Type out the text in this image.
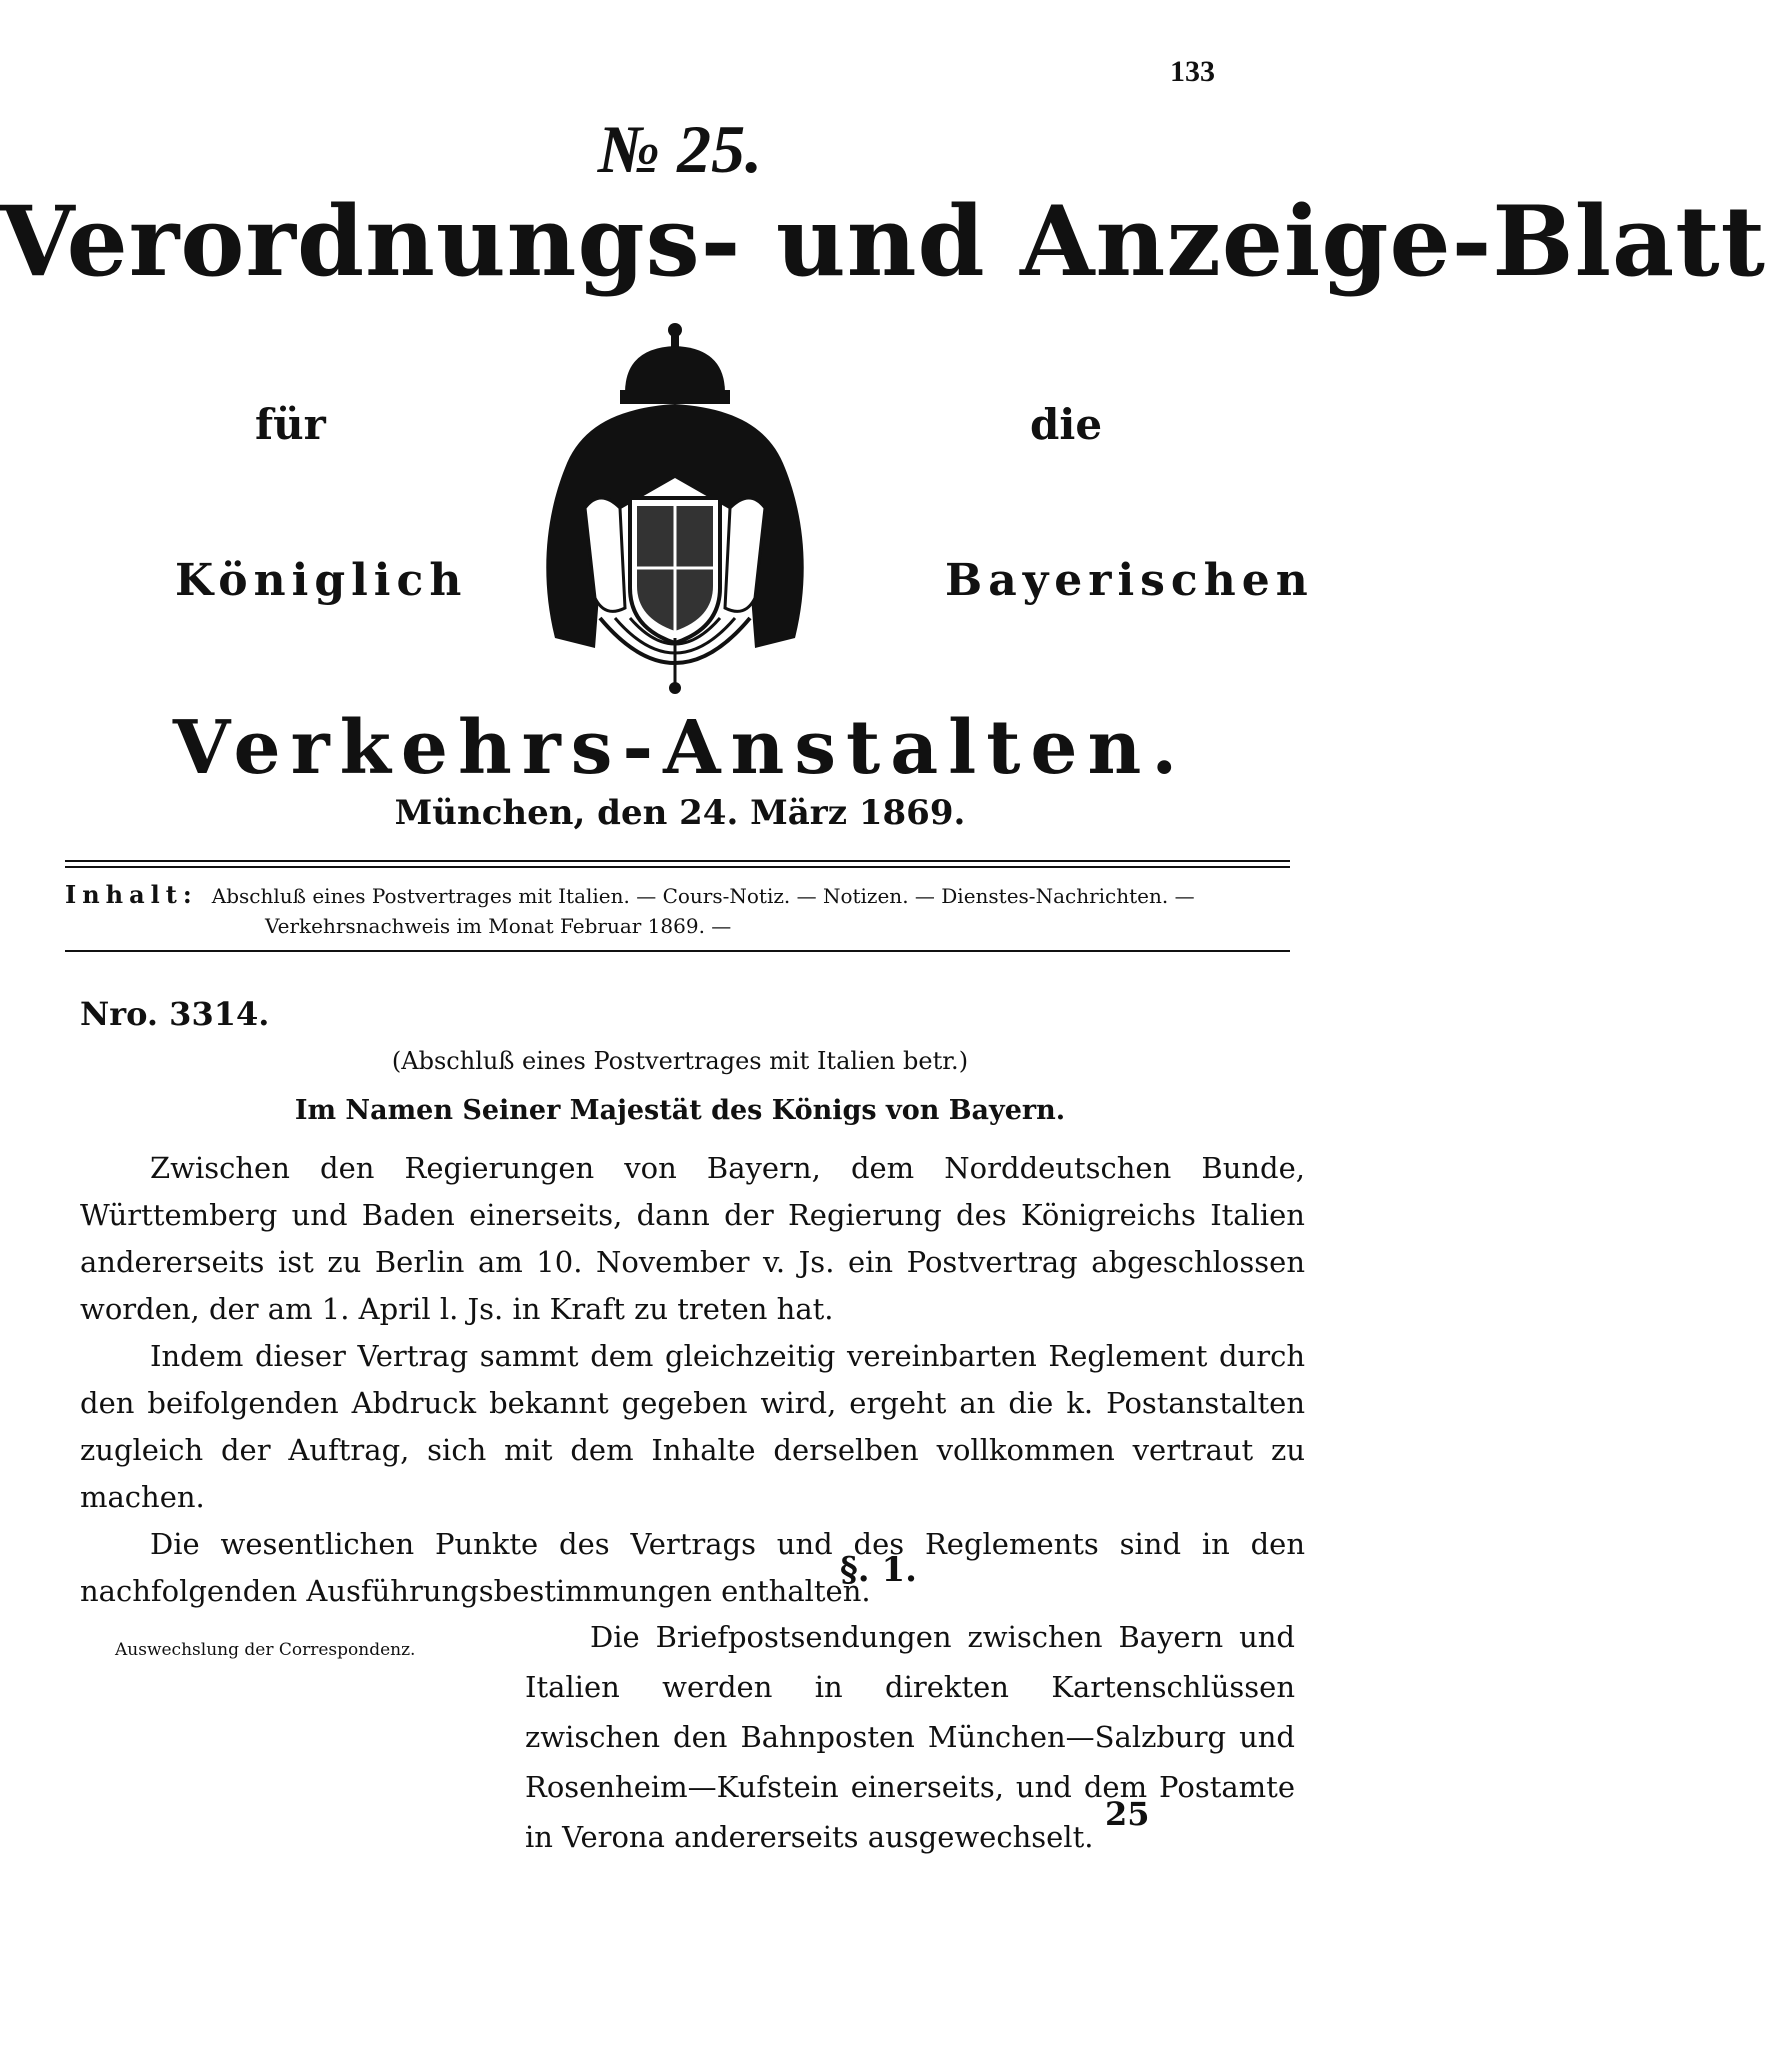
133
№ 25.
Verordnungs- und Anzeige-Blatt
für	die
Königlich	Bayerischen
Verkehrs-Anstalten.
München, den 24. März 1869.
Inhalt: Abschluß eines Postvertrages mit Italien. — Cours-Notiz. — Notizen. — Dienstes-Nachrichten. —
Verkehrsnachweis im Monat Februar 1869. —
Nro. 3314.
(Abschluß eines Postvertrages mit Italien betr.)
Im Namen Seiner Majestät des Königs von Bayern.

Zwischen den Regierungen von Bayern, dem Norddeutschen Bunde, Württemberg und Baden einerseits, dann der Regierung des Königreichs Italien andererseits ist zu Berlin am 10. November v. Js. ein Postvertrag abgeschlossen worden, der am 1. April l. Js. in Kraft zu treten hat.

Indem dieser Vertrag sammt dem gleichzeitig vereinbarten Reglement durch den beifolgenden Abdruck bekannt gegeben wird, ergeht an die k. Postanstalten zugleich der Auftrag, sich mit dem Inhalte derselben vollkommen vertraut zu machen.

Die wesentlichen Punkte des Vertrags und des Reglements sind in den nachfolgenden Ausführungsbestimmungen enthalten.

§. 1.
Auswechslung der Correspondenz.	Die Briefpostsendungen zwischen Bayern und Italien werden in direkten Kartenschlüssen zwischen den Bahnposten München—Salzburg und Rosenheim—Kufstein einerseits, und dem Postamte in Verona andererseits ausgewechselt.

25
